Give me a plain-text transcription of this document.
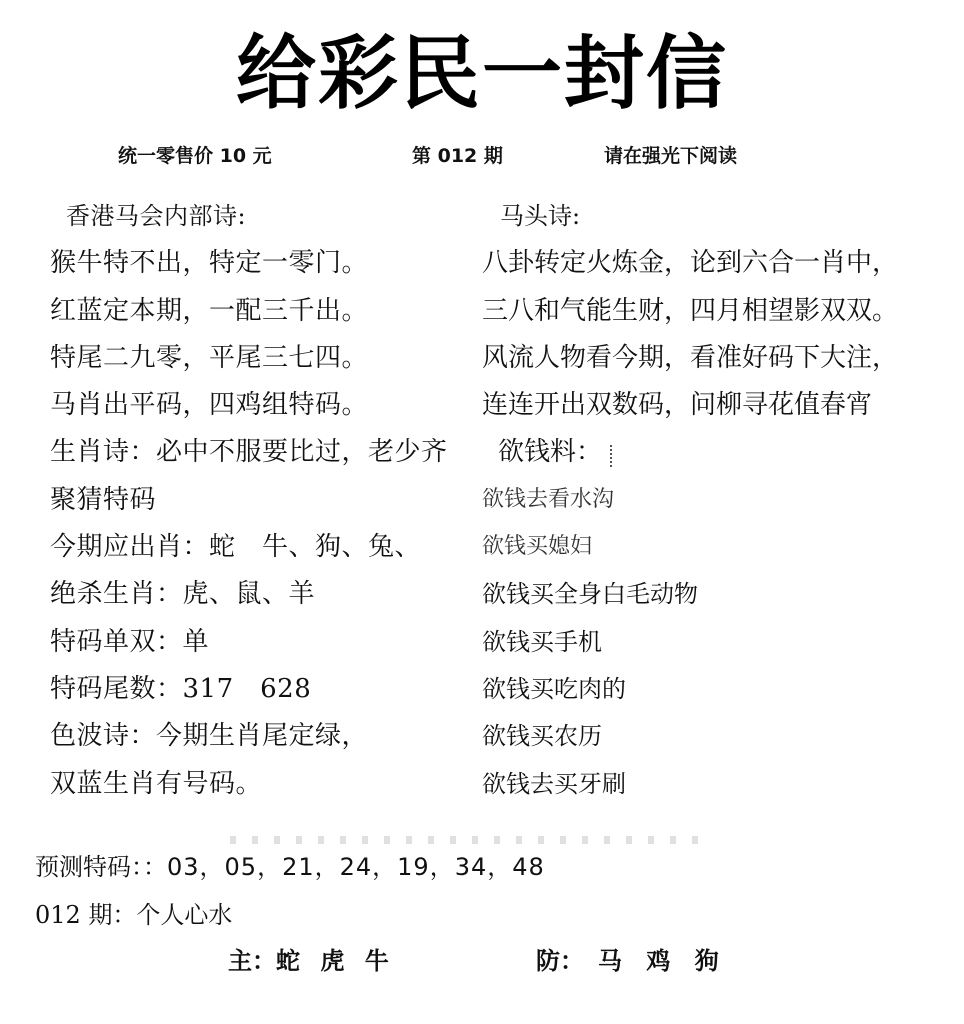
给彩民一封信
统一零售价 10 元	第 012 期	请在强光下阅读
香港马会内部诗:
猴牛特不出，特定一零门。
红蓝定本期，一配三千出。
特尾二九零，平尾三七四。
马肖出平码，四鸡组特码。
生肖诗：必中不服要比过，老少齐
聚猜特码
今期应出肖：蛇　牛、狗、兔、
绝杀生肖：虎、鼠、羊
特码单双：单
特码尾数：317　628
色波诗：今期生肖尾定绿，
双蓝生肖有号码。
马头诗:
八卦转定火炼金，论到六合一肖中，
三八和气能生财，四月相望影双双。
风流人物看今期，看准好码下大注，
连连开出双数码，问柳寻花值春宵
欲钱料：
欲钱去看水沟
欲钱买媳妇
欲钱买全身白毛动物
欲钱买手机
欲钱买吃肉的
欲钱买农历
欲钱去买牙刷
预测特码：：03，05，21，24，19，34，48
012 期：个人心水
主：蛇 虎 牛	防： 马 鸡 狗
